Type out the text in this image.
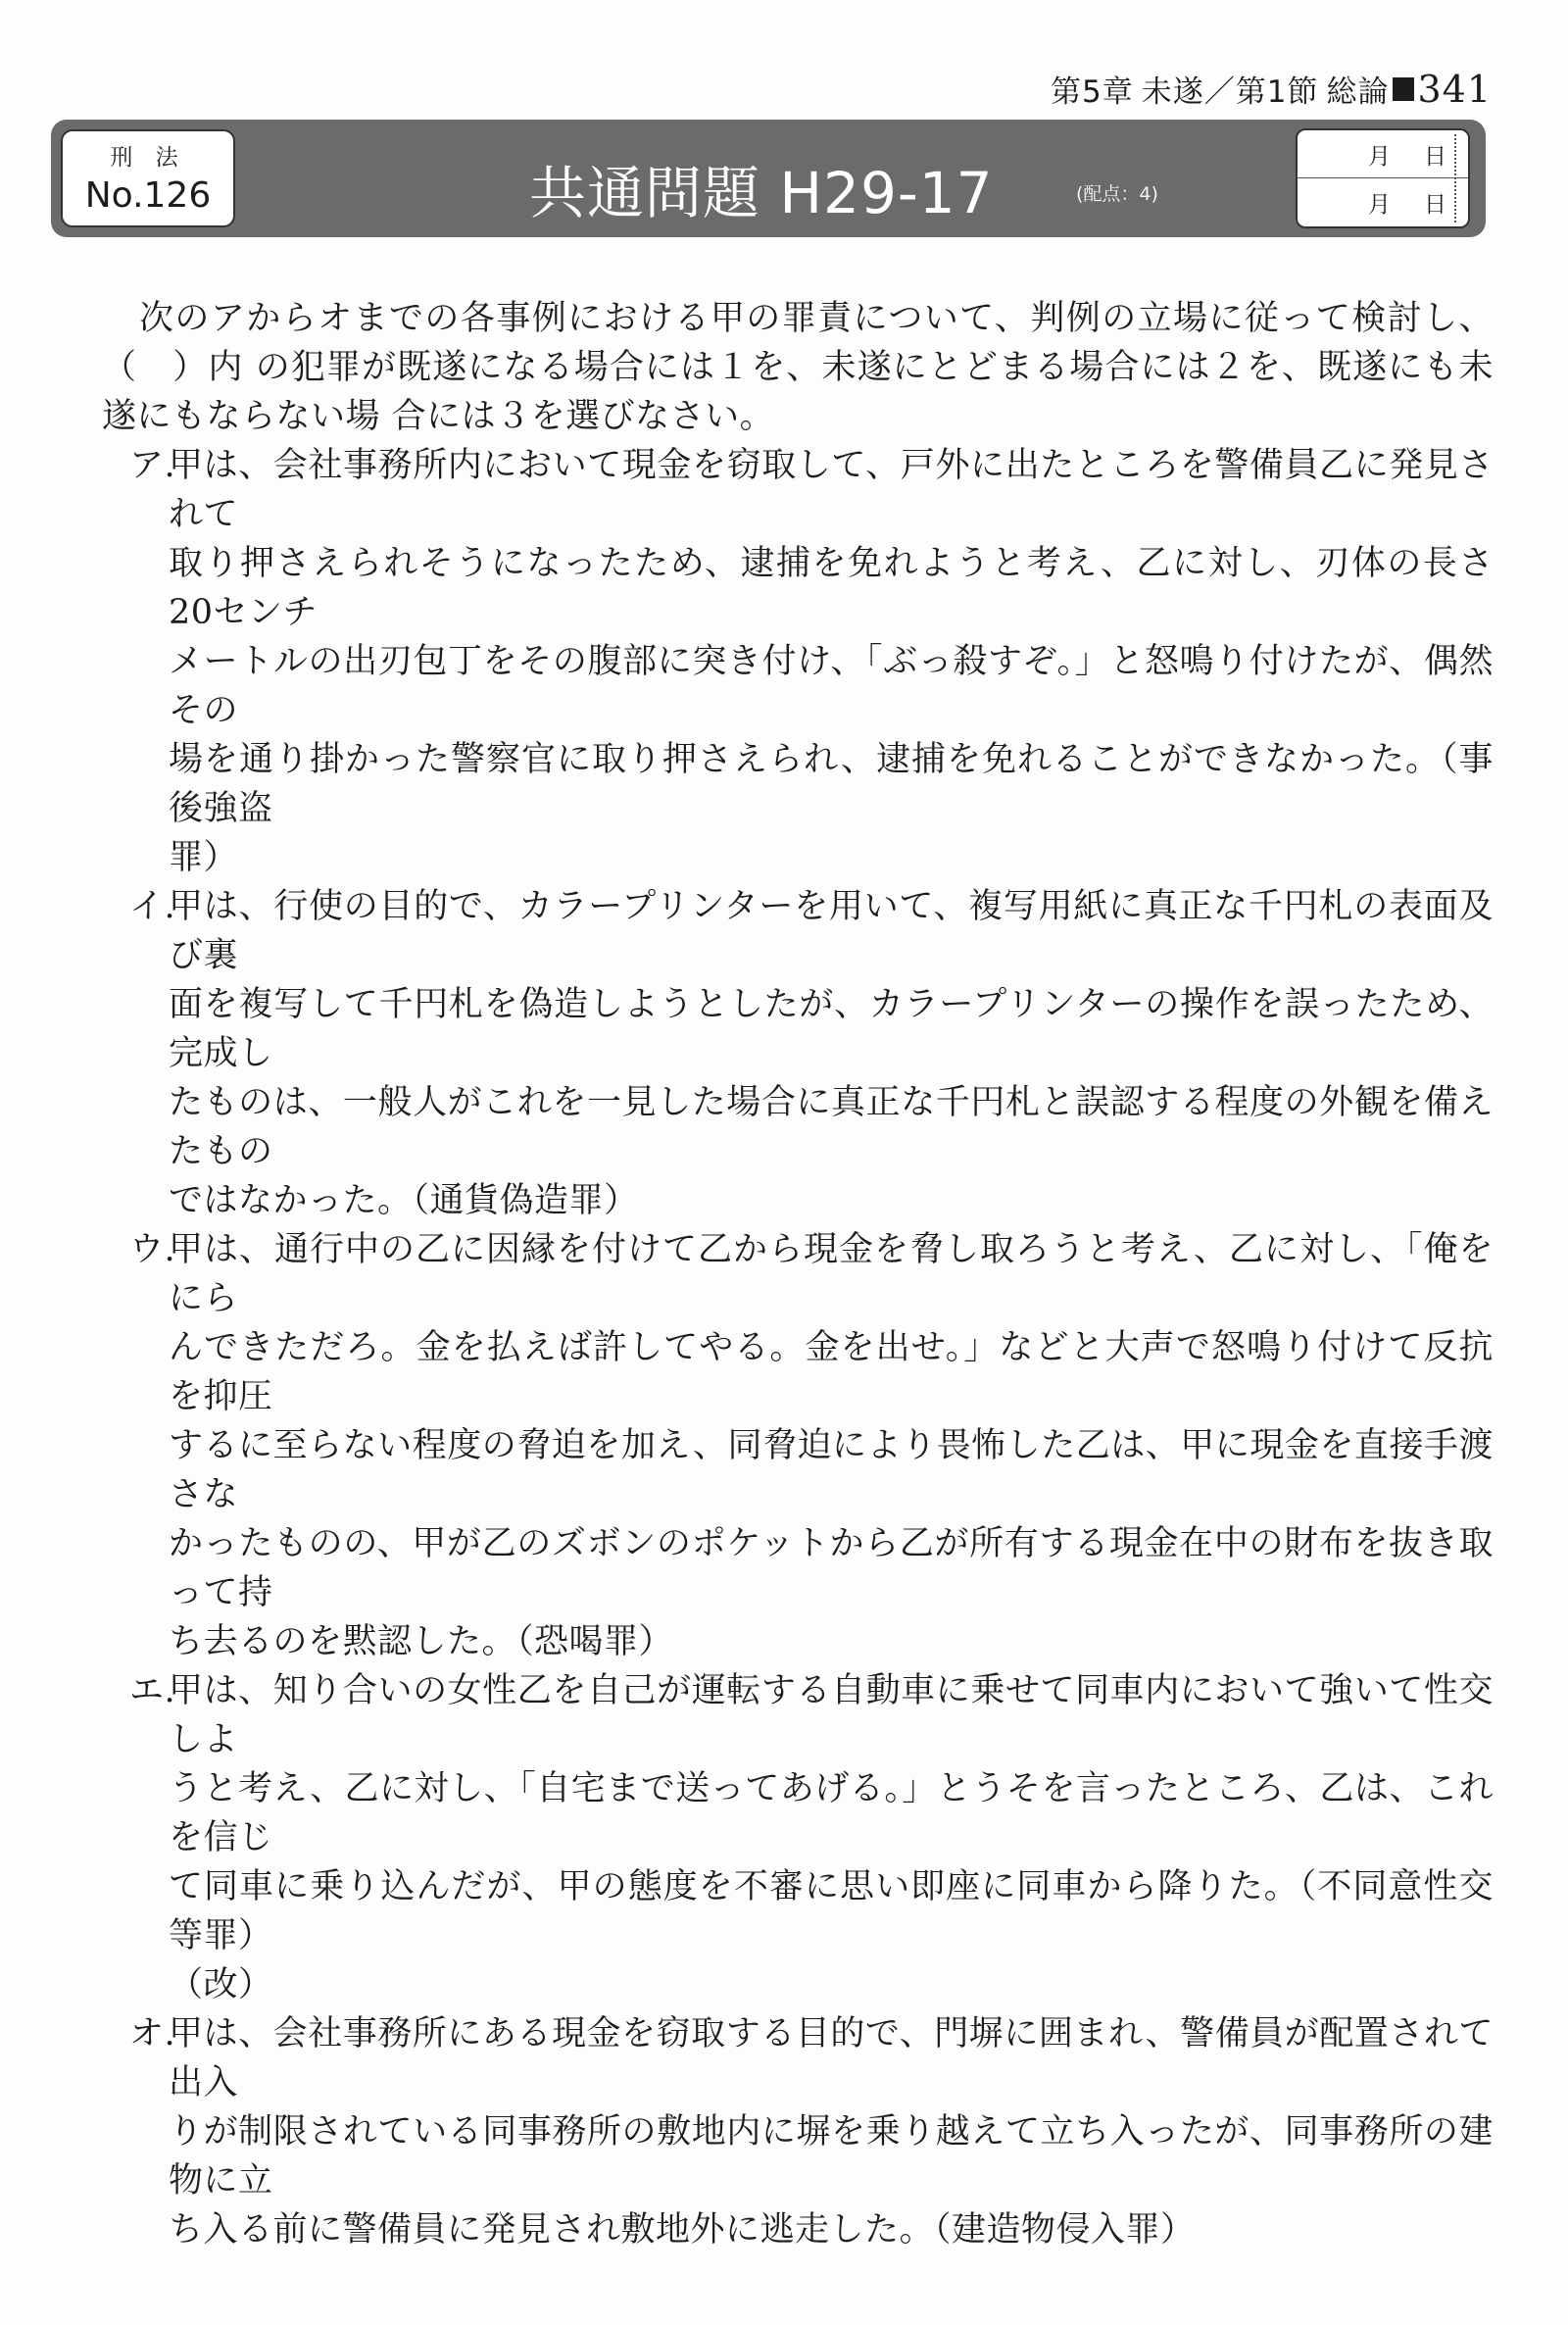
第5章 未遂／第1節 総論 341
刑 法
No.126	共通問題 H29-17	(配点：4)
月 日
月 日

次のアからオまでの各事例における甲の罪責について、判例の立場に従って検討し、（　）内 の犯罪が既遂になる場合には１を、未遂にとどまる場合には２を、既遂にも未遂にもならない場 合には３を選びなさい。

ア.
甲は、会社事務所内において現金を窃取して、戸外に出たところを警備員乙に発見されて
取り押さえられそうになったため、逮捕を免れようと考え、乙に対し、刃体の長さ20センチ
メートルの出刃包丁をその腹部に突き付け、「ぶっ殺すぞ。」と怒鳴り付けたが、偶然その
場を通り掛かった警察官に取り押さえられ、逮捕を免れることができなかった。（事後強盗
罪）

イ.
甲は、行使の目的で、カラープリンターを用いて、複写用紙に真正な千円札の表面及び裏
面を複写して千円札を偽造しようとしたが、カラープリンターの操作を誤ったため、完成し
たものは、一般人がこれを一見した場合に真正な千円札と誤認する程度の外観を備えたもの
ではなかった。（通貨偽造罪）

ウ.
甲は、通行中の乙に因縁を付けて乙から現金を脅し取ろうと考え、乙に対し、「俺をにら
んできただろ。金を払えば許してやる。金を出せ。」などと大声で怒鳴り付けて反抗を抑圧
するに至らない程度の脅迫を加え、同脅迫により畏怖した乙は、甲に現金を直接手渡さな
かったものの、甲が乙のズボンのポケットから乙が所有する現金在中の財布を抜き取って持
ち去るのを黙認した。（恐喝罪）

エ.
甲は、知り合いの女性乙を自己が運転する自動車に乗せて同車内において強いて性交しよ
うと考え、乙に対し、「自宅まで送ってあげる。」とうそを言ったところ、乙は、これを信じ
て同車に乗り込んだが、甲の態度を不審に思い即座に同車から降りた。（不同意性交等罪）
（改）

オ.
甲は、会社事務所にある現金を窃取する目的で、門塀に囲まれ、警備員が配置されて出入
りが制限されている同事務所の敷地内に塀を乗り越えて立ち入ったが、同事務所の建物に立
ち入る前に警備員に発見され敷地外に逃走した。（建造物侵入罪）
